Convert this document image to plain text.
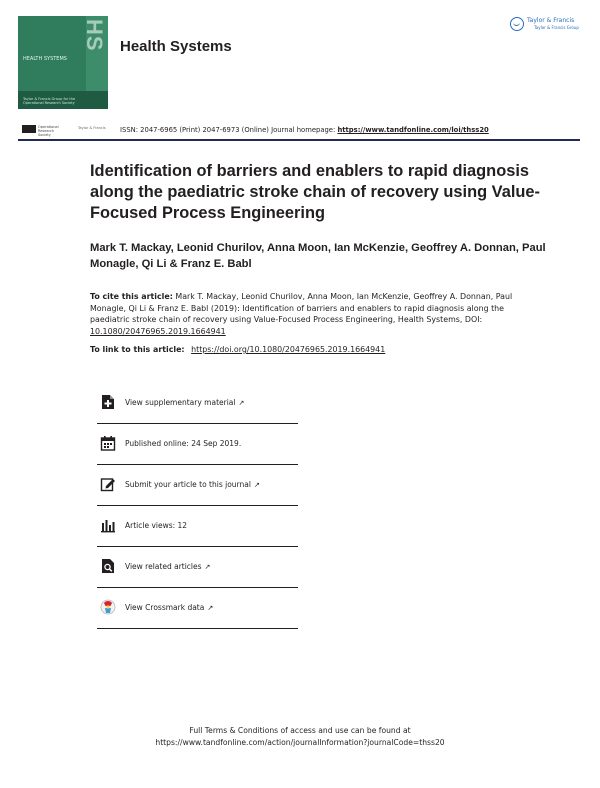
HS
HEALTH SYSTEMS
Taylor & Francis Group for the Operational Research Society
Health Systems
Taylor & Francis
Taylor & Francis Group
Operational Research Society
Taylor & Francis ISSN: 2047-6965 (Print) 2047-6973 (Online) Journal homepage: https://www.tandfonline.com/loi/thss20
Identification of barriers and enablers to rapid diagnosis along the paediatric stroke chain of recovery using Value-Focused Process Engineering
Mark T. Mackay, Leonid Churilov, Anna Moon, Ian McKenzie, Geoffrey A. Donnan, Paul Monagle, Qi Li & Franz E. Babl
To cite this article: Mark T. Mackay, Leonid Churilov, Anna Moon, Ian McKenzie, Geoffrey A. Donnan, Paul Monagle, Qi Li & Franz E. Babl (2019): Identification of barriers and enablers to rapid diagnosis along the paediatric stroke chain of recovery using Value-Focused Process Engineering, Health Systems, DOI: 10.1080/20476965.2019.1664941
To link to this article: https://doi.org/10.1080/20476965.2019.1664941
View supplementary material ↗
Published online: 24 Sep 2019.
Submit your article to this journal ↗
Article views: 12
View related articles ↗
View Crossmark data ↗
Full Terms & Conditions of access and use can be found at
https://www.tandfonline.com/action/journalInformation?journalCode=thss20
